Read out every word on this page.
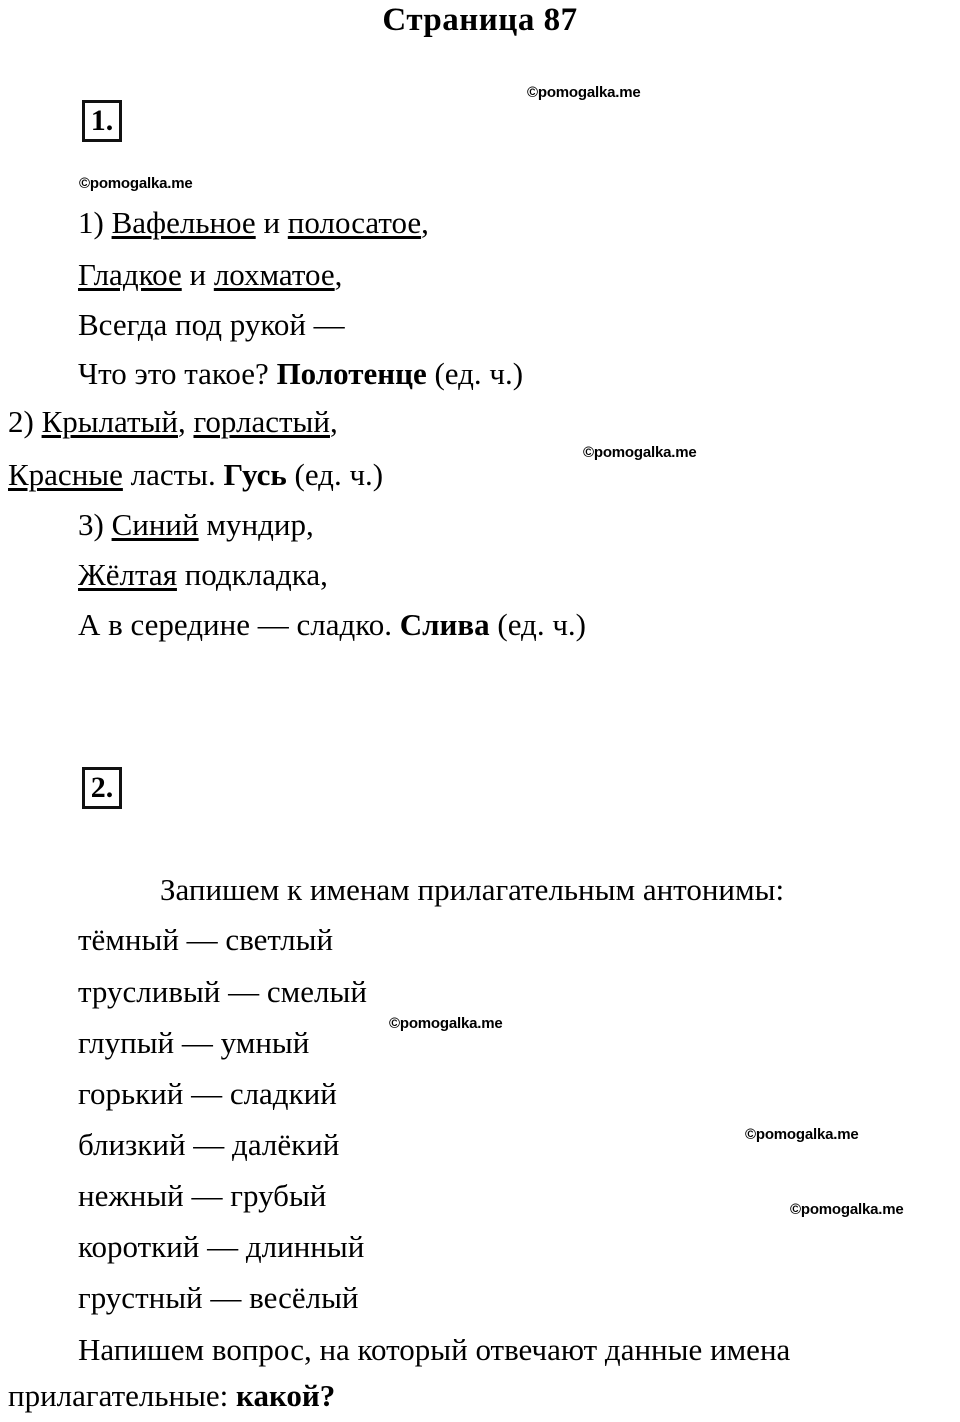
Страница 87
1.
1) Вафельное и полосатое,
Гладкое и лохматое,
Всегда под рукой —
Что это такое? Полотенце (ед. ч.)
2) Крылатый, горластый,
Красные ласты. Гусь (ед. ч.)
3) Синий мундир,
Жёлтая подкладка,
А в середине — сладко. Слива (ед. ч.)
2.
Запишем к именам прилагательным антонимы:
тёмный — светлый
трусливый — смелый
глупый — умный
горький — сладкий
близкий — далёкий
нежный — грубый
короткий — длинный
грустный — весёлый
Напишем вопрос, на который отвечают данные имена
прилагательные: какой?
©pomogalka.me
©pomogalka.me
©pomogalka.me
©pomogalka.me
©pomogalka.me
©pomogalka.me
